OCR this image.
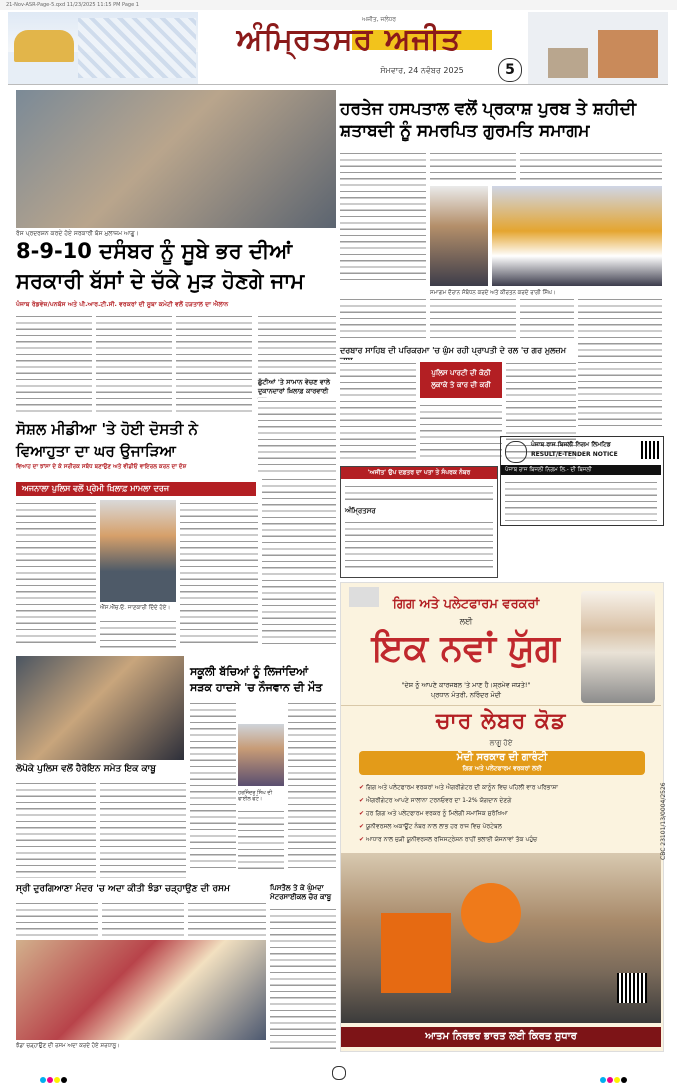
21-Nov-ASR-Page-5.qxd 11/23/2025 11:15 PM Page 1
ਅਜੀਤ, ਜਲੰਧਰ
ਅੰਮ੍ਰਿਤਸਰ ਅਜੀਤ
ਸੋਮਵਾਰ, 24 ਨਵੰਬਰ 2025	5
ਰੋਸ ਪ੍ਰਦਰਸ਼ਨ ਕਰਦੇ ਹੋਏ ਸਰਕਾਰੀ ਬੱਸ ਮੁਲਾਜ਼ਮ ਆਗੂ।
ਹਰਤੇਜ ਹਸਪਤਾਲ ਵਲੋਂ ਪ੍ਰਕਾਸ਼ ਪੁਰਬ ਤੇ ਸ਼ਹੀਦੀ
ਸ਼ਤਾਬਦੀ ਨੂੰ ਸਮਰਪਿਤ ਗੁਰਮਤਿ ਸਮਾਗਮ
ਸਮਾਗਮ ਦੌਰਾਨ ਸੰਬੋਧਨ ਕਰਦੇ ਅਤੇ ਕੀਰਤਨ ਕਰਦੇ ਰਾਗੀ ਸਿੰਘ।
8-9-10 ਦਸੰਬਰ ਨੂੰ ਸੂਬੇ ਭਰ ਦੀਆਂ
ਸਰਕਾਰੀ ਬੱਸਾਂ ਦੇ ਚੱਕੇ ਮੁੜ ਹੋਣਗੇ ਜਾਮ
ਪੰਜਾਬ ਰੋਡਵੇਜ਼/ਪਨਬੱਸ ਅਤੇ ਪੀ.ਆਰ.ਟੀ.ਸੀ. ਵਰਕਰਾਂ ਦੀ ਸੂਬਾ ਕਮੇਟੀ ਵਲੋਂ ਹੜਤਾਲ ਦਾ ਐਲਾਨ
ਛੁੱਟੀਆਂ 'ਤੇ ਸਾਮਾਨ ਵੇਚਣ ਵਾਲੇ ਦੁਕਾਨਦਾਰਾਂ ਖ਼ਿਲਾਫ਼ ਕਾਰਵਾਈ
ਸੋਸ਼ਲ ਮੀਡੀਆ 'ਤੇ ਹੋਈ ਦੋਸਤੀ ਨੇ
ਵਿਆਹੁਤਾ ਦਾ ਘਰ ਉਜਾੜਿਆ
ਵਿਆਹ ਦਾ ਝਾਂਸਾ ਦੇ ਕੇ ਸਰੀਰਕ ਸਬੰਧ ਬਣਾਉਣ ਅਤੇ ਵੀਡੀਓ ਵਾਇਰਲ ਕਰਨ ਦਾ ਦੋਸ਼
ਅਜਨਾਲਾ ਪੁਲਿਸ ਵਲੋਂ ਪ੍ਰੇਮੀ ਖ਼ਿਲਾਫ਼ ਮਾਮਲਾ ਦਰਜ
ਐੱਸ.ਐੱਚ.ਓ. ਜਾਣਕਾਰੀ ਦਿੰਦੇ ਹੋਏ।
ਦਰਬਾਰ ਸਾਹਿਬ ਦੀ ਪਰਿਕਰਮਾ 'ਚ ਘੁੰਮ ਰਹੀ ਪ੍ਰਾਪਤੀ ਦੇ ਰਲ 'ਚ ਗਰ ਮੁਲਜ਼ਮ
ਪੁਲਿਸ ਪਾਰਟੀ ਦੀ ਕੋਠੀ
ਲੁਕਾਕੇ ਤੇ ਕਾਰ ਦੀ ਕਰੀ
ਪੰਜਾਬ ਰਾਜ ਬਿਜਲੀ ਨਿਗਮ ਲਿਮਟਿਡ
RESULT/E-TENDER NOTICE
ਪੰਜਾਬ ਰਾਜ ਬਿਜਲੀ ਨਿਗਮ ਲਿ.- ਦੀ ਬਿਜਲੀ
'ਅਜੀਤ' ਉਪ ਦਫ਼ਤਰ ਦਾ ਪਤਾ ਤੇ ਸੰਪਰਕ ਨੰਬਰ
ਅੰਮ੍ਰਿਤਸਰ
ਲੋਪੋਕੇ ਪੁਲਿਸ ਵਲੋਂ ਹੈਰੋਇਨ ਸਮੇਤ ਇਕ ਕਾਬੂ
ਸਕੂਲੀ ਬੱਚਿਆਂ ਨੂੰ ਲਿਜਾਂਦਿਆਂ
ਸੜਕ ਹਾਦਸੇ 'ਚ ਨੌਜਵਾਨ ਦੀ ਮੌਤ
ਹਰਜਿੰਦਰ ਸਿੰਘ ਦੀ ਫਾਈਲ ਫੋਟੋ।
ਸ੍ਰੀ ਦੁਰਗਿਆਣਾ ਮੰਦਰ 'ਚ ਅਦਾ ਕੀਤੀ ਝੰਡਾ ਚੜ੍ਹਾਉਣ ਦੀ ਰਸਮ
ਝੰਡਾ ਚੜ੍ਹਾਉਣ ਦੀ ਰਸਮ ਅਦਾ ਕਰਦੇ ਹੋਏ ਸ਼ਰਧਾਲੂ।
ਪਿਸਤੌਲ ਤੇ ਕੇ ਘੁੰਮਦਾ
ਮੋਟਰਸਾਈਕਲ ਚੋਰ ਕਾਬੂ
ਗਿਗ ਅਤੇ ਪਲੇਟਫਾਰਮ ਵਰਕਰਾਂ
ਲਈ
ਇਕ ਨਵਾਂ ਯੁੱਗ
"ਦੇਸ਼ ਨੂੰ ਆਪਣੇ ਕਾਰਜਬਲ 'ਤੇ ਮਾਣ ਹੈ।ਸ਼੍ਰਮੇਵ ਜਯਤੇ!"
ਪ੍ਰਧਾਨ ਮੰਤਰੀ, ਨਰਿੰਦਰ ਮੋਦੀ
ਚਾਰ ਲੇਬਰ ਕੋਡ
ਲਾਗੂ ਹੋਏ
ਮੋਦੀ ਸਰਕਾਰ ਦੀ ਗਾਰੰਟੀ
ਗਿਗ ਅਤੇ ਪਲੇਟਫਾਰਮ ਵਰਕਰਾਂ ਲਈ
✔ ਗਿਗ ਅਤੇ ਪਲੇਟਫਾਰਮ ਵਰਕਰਾਂ ਅਤੇ ਐਗਰੀਗੇਟਰ ਦੀ ਕਾਨੂੰਨ ਵਿਚ ਪਹਿਲੀ ਵਾਰ ਪਰਿਭਾਸ਼ਾ
✔ ਐਗਰੀਗੇਟਰ ਆਪਣੇ ਸਾਲਾਨਾ ਟਰਨਓਵਰ ਦਾ 1-2% ਯੋਗਦਾਨ ਦੇਣਗੇ
✔ ਹਰ ਗਿਗ ਅਤੇ ਪਲੇਟਫਾਰਮ ਵਰਕਰ ਨੂੰ ਮਿਲੇਗੀ ਸਮਾਜਿਕ ਸੁਰੱਖਿਆ
✔ ਯੂਨੀਵਰਸਲ ਅਕਾਊਂਟ ਨੰਬਰ ਨਾਲ ਲਾਭ ਹਰ ਰਾਜ ਵਿਚ ਪੋਰਟੇਬਲ
✔ ਆਧਾਰ ਨਾਲ ਜੁੜੀ ਯੂਨੀਵਰਸਲ ਰਜਿਸਟ੍ਰੇਸ਼ਨ ਰਾਹੀਂ ਭਲਾਈ ਯੋਜਨਾਵਾਂ ਤੱਕ ਪਹੁੰਚ
ਆਤਮ ਨਿਰਭਰ ਭਾਰਤ ਲਈ ਕਿਰਤ ਸੁਧਾਰ
CBC 23101/13/0004/2526
